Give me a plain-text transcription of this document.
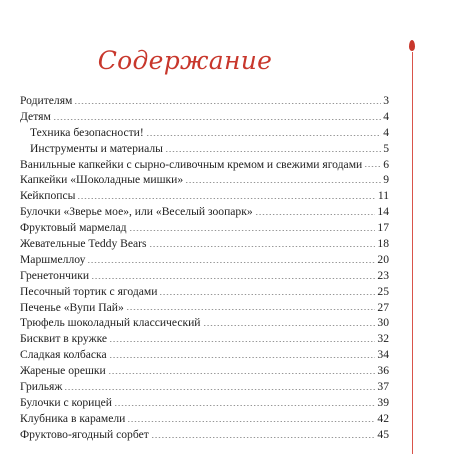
Содержание
Родителям	3
Детям	4
Техника безопасности!	4
Инструменты и материалы	5
Ванильные капкейки с сырно-сливочным кремом и свежими ягодами 6
Капкейки «Шоколадные мишки»	9
Кейкпопсы	11
Булочки «Зверье мое», или «Веселый зоопарк»	14
Фруктовый мармелад	17
Жевательные Teddy Bears	18
Маршмеллоу	20
Гренетончики	23
Песочный тортик с ягодами	25
Печенье «Вупи Пай»	27
Трюфель шоколадный классический	30
Бисквит в кружке	32
Сладкая колбаска	34
Жареные орешки	36
Грильяж	37
Булочки с корицей	39
Клубника в карамели	42
Фруктово-ягодный сорбет	45
